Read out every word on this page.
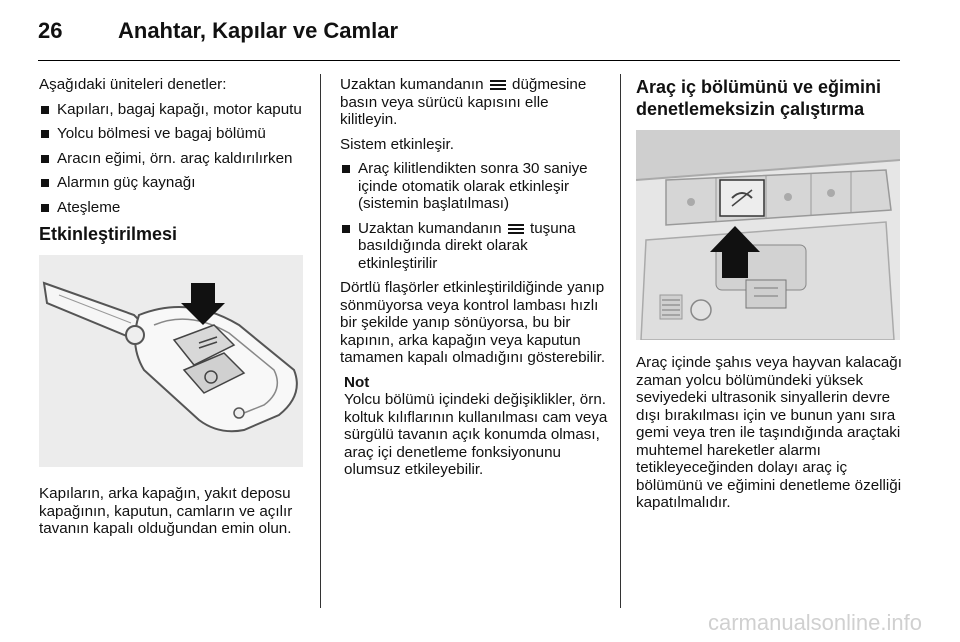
26	Anahtar, Kapılar ve Camlar

Aşağıdaki üniteleri denetler:

Kapıları, bagaj kapağı, motor kaputu
Yolcu bölmesi ve bagaj bölümü
Aracın eğimi, örn. araç kaldırılırken
Alarmın güç kaynağı
Ateşleme
Etkinleştirilmesi

Kapıların, arka kapağın, yakıt deposu kapağının, kaputun, camların ve açılır tavanın kapalı olduğundan emin olun.

Uzaktan kumandanın düğmesine basın veya sürücü kapısını elle kilitleyin.

Sistem etkinleşir.

Araç kilitlendikten sonra 30 saniye içinde otomatik olarak etkinleşir (sistemin başlatılması)
Uzaktan kumandanın tuşuna basıldığında direkt olarak etkinleştirilir

Dörtlü flaşörler etkinleştirildiğinde yanıp sönmüyorsa veya kontrol lambası hızlı bir şekilde yanıp sönüyorsa, bu bir kapının, arka kapağın veya kaputun tamamen kapalı olmadığını gösterebilir.

Not
Yolcu bölümü içindeki değişiklikler, örn. koltuk kılıflarının kullanılması cam veya sürgülü tavanın açık konumda olması, araç içi denetleme fonksiyonunu olumsuz etkileyebilir.
Araç iç bölümünü ve eğimini denetlemeksizin çalıştırma

Araç içinde şahıs veya hayvan kalacağı zaman yolcu bölümündeki yüksek seviyedeki ultrasonik sinyallerin devre dışı bırakılması için ve bunun yanı sıra gemi veya tren ile taşındığında araçtaki muhtemel hareketler alarmı tetikleyeceğinden dolayı araç iç bölümünü ve eğimini denetleme özelliği kapatılmalıdır.

carmanualsonline.info
